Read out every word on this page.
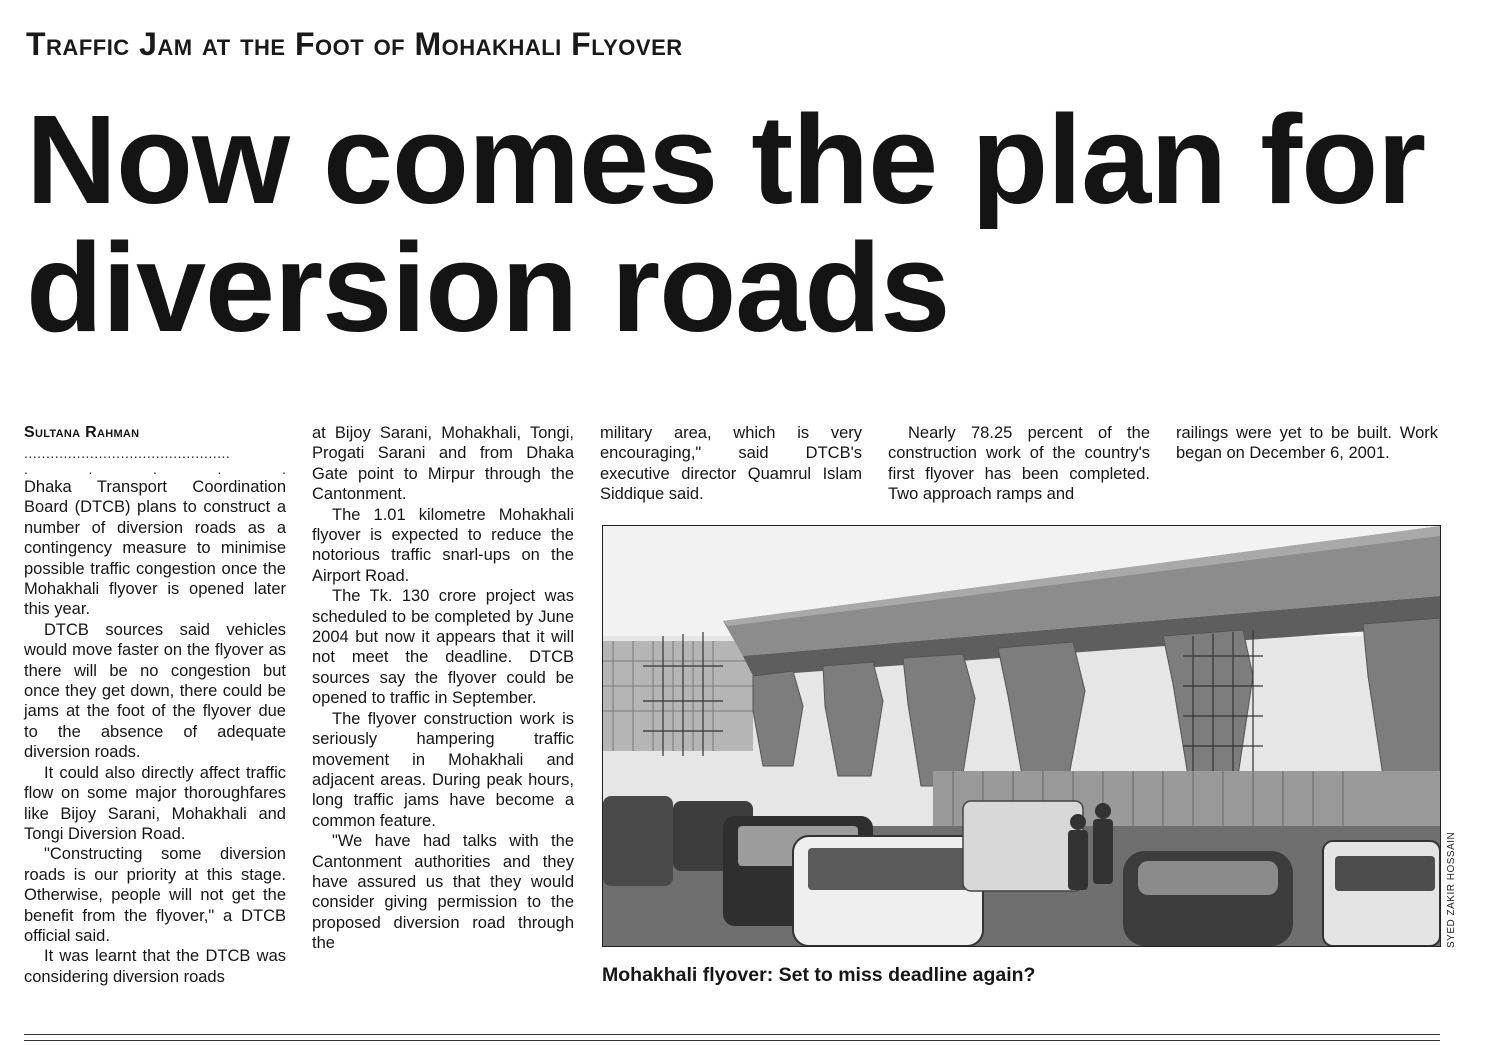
Traffic Jam at the Foot of Mohakhali Flyover
Now comes the plan for
diversion roads
Sultana Rahman
...............................................
.	.	.	.	.

Dhaka Transport Coordination Board (DTCB) plans to construct a number of diversion roads as a contingency measure to minimise possible traffic congestion once the Mohakhali flyover is opened later this year.

DTCB sources said vehicles would move faster on the flyover as there will be no congestion but once they get down, there could be jams at the foot of the flyover due to the absence of adequate diversion roads.

It could also directly affect traffic flow on some major thoroughfares like Bijoy Sarani, Mohakhali and Tongi Diversion Road.

"Constructing some diversion roads is our priority at this stage. Otherwise, people will not get the benefit from the flyover," a DTCB official said.

It was learnt that the DTCB was considering diversion roads

at Bijoy Sarani, Mohakhali, Tongi, Progati Sarani and from Dhaka Gate point to Mirpur through the Cantonment.

The 1.01 kilometre Mohakhali flyover is expected to reduce the notorious traffic snarl-ups on the Airport Road.

The Tk. 130 crore project was scheduled to be completed by June 2004 but now it appears that it will not meet the deadline. DTCB sources say the flyover could be opened to traffic in September.

The flyover construction work is seriously hampering traffic movement in Mohakhali and adjacent areas. During peak hours, long traffic jams have become a common feature.

"We have had talks with the Cantonment authorities and they have assured us that they would consider giving permission to the proposed diversion road through the

military area, which is very encouraging," said DTCB's executive director Quamrul Islam Siddique said.

Nearly 78.25 percent of the construction work of the country's first flyover has been completed. Two approach ramps and

railings were yet to be built. Work began on December 6, 2001.

SYED ZAKIR HOSSAIN
Mohakhali flyover: Set to miss deadline again?
